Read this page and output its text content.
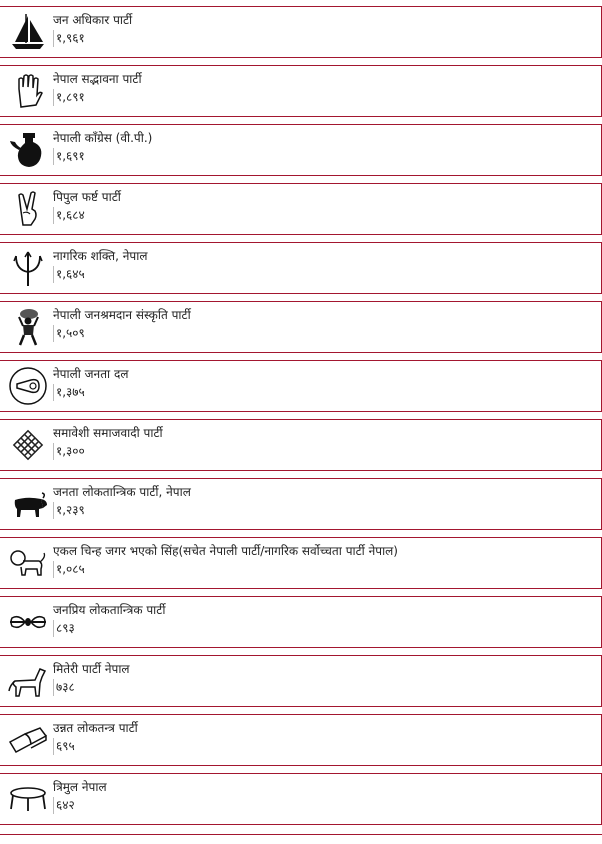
जन अधिकार पार्टी
१,९६१
नेपाल सद्भावना पार्टी
१,८९१
नेपाली काँग्रेस (वी.पी.)
१,६९१
पिपुल फर्ष्ट पार्टी
१,६८४
नागरिक शक्ति, नेपाल
१,६४५
नेपाली जनश्रमदान संस्कृति पार्टी
१,५०९
नेपाली जनता दल
१,३७५
समावेशी समाजवादी पार्टी
१,३००
जनता लोकतान्त्रिक पार्टी, नेपाल
१,२३९
एकल चिन्ह जगर भएको सिंह(सचेत नेपाली पार्टी/नागरिक सर्वोच्चता पार्टी नेपाल)
१,०८५
जनप्रिय लोकतान्त्रिक पार्टी
८९३
मितेरी पार्टी नेपाल
७३८
उन्नत लोकतन्त्र पार्टी
६९५
त्रिमुल नेपाल
६४२
